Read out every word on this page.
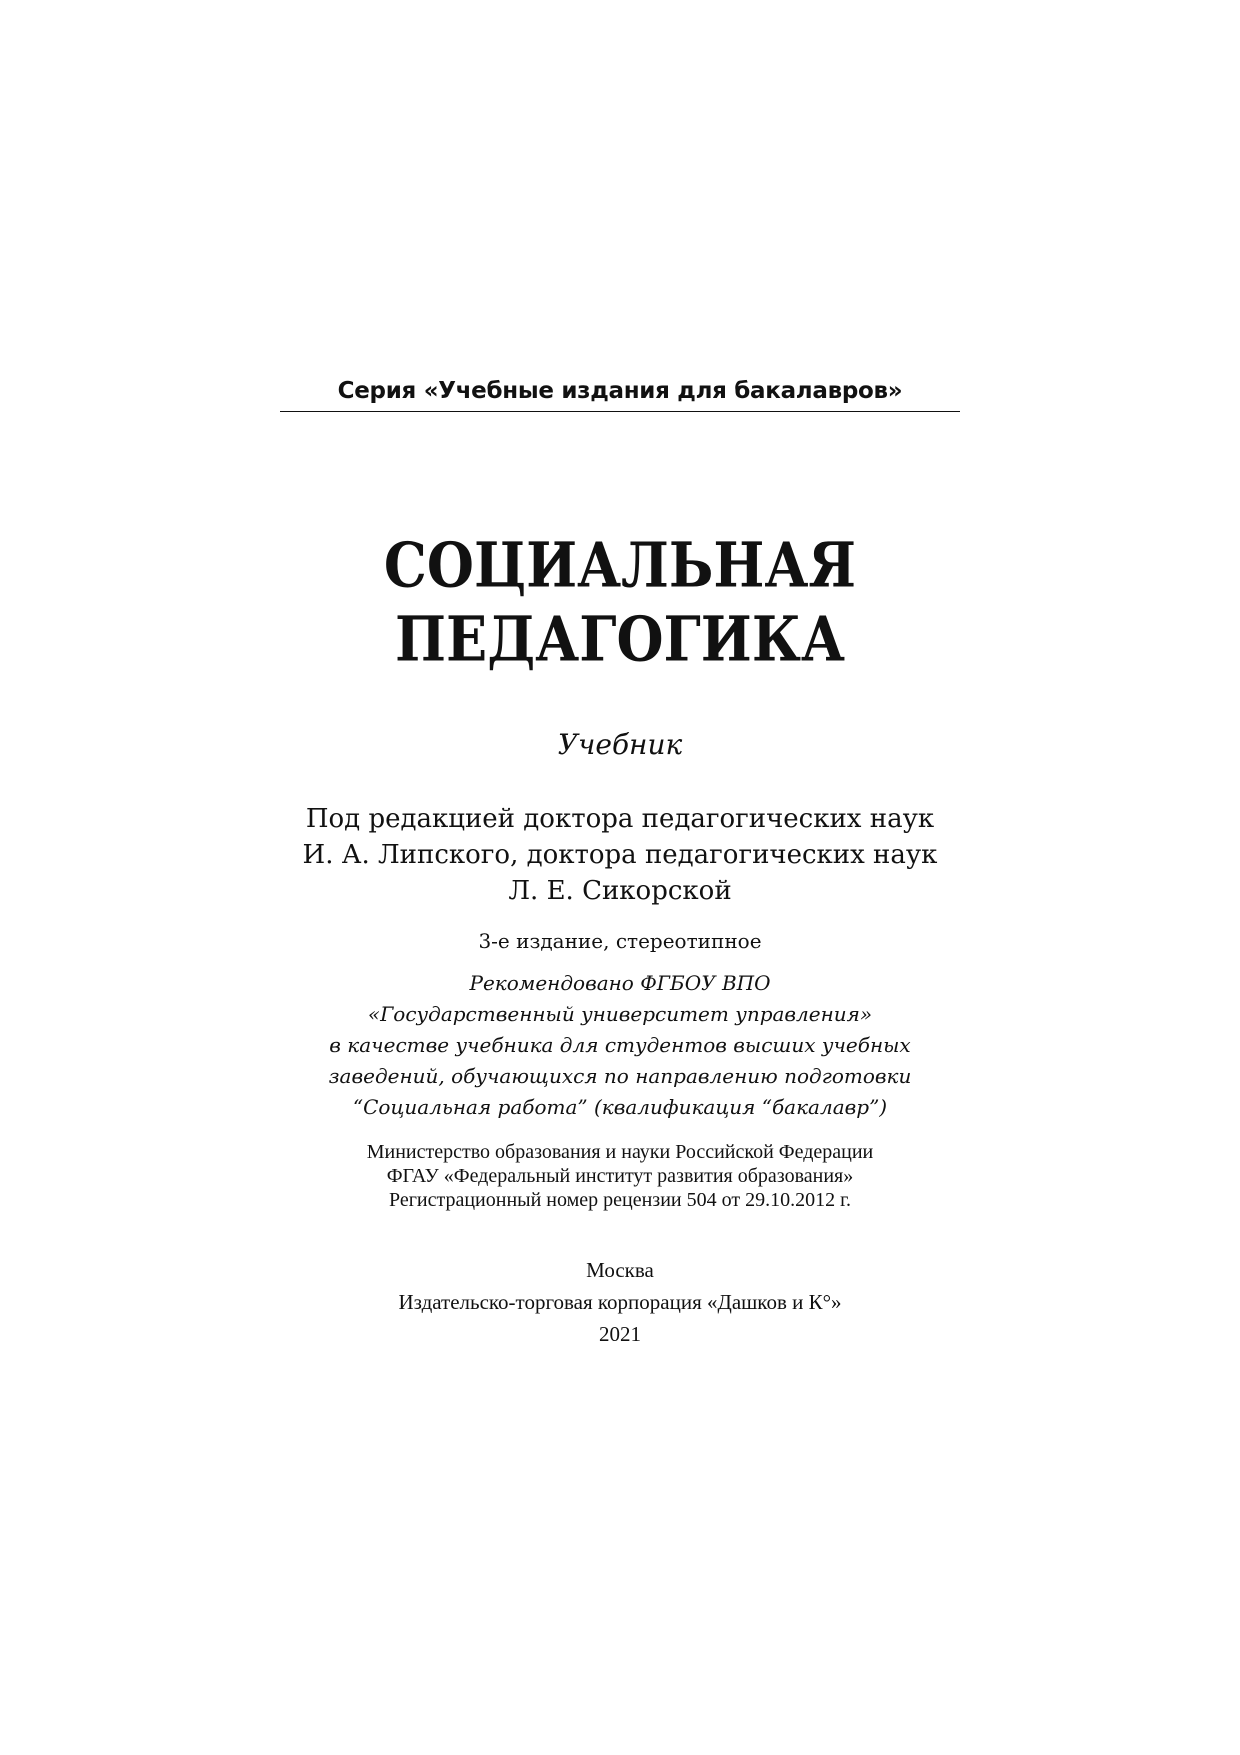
Серия «Учебные издания для бакалавров»
СОЦИАЛЬНАЯ
ПЕДАГОГИКА
Учебник
Под редакцией доктора педагогических наук
И. А. Липского, доктора педагогических наук
Л. Е. Сикорской
3-е издание, стереотипное
Рекомендовано ФГБОУ ВПО
«Государственный университет управления»
в качестве учебника для студентов высших учебных
заведений, обучающихся по направлению подготовки
“Социальная работа” (квалификация “бакалавр”)
Министерство образования и науки Российской Федерации
ФГАУ «Федеральный институт развития образования»
Регистрационный номер рецензии 504 от 29.10.2012 г.
Москва
Издательско-торговая корпорация «Дашков и К°»
2021
